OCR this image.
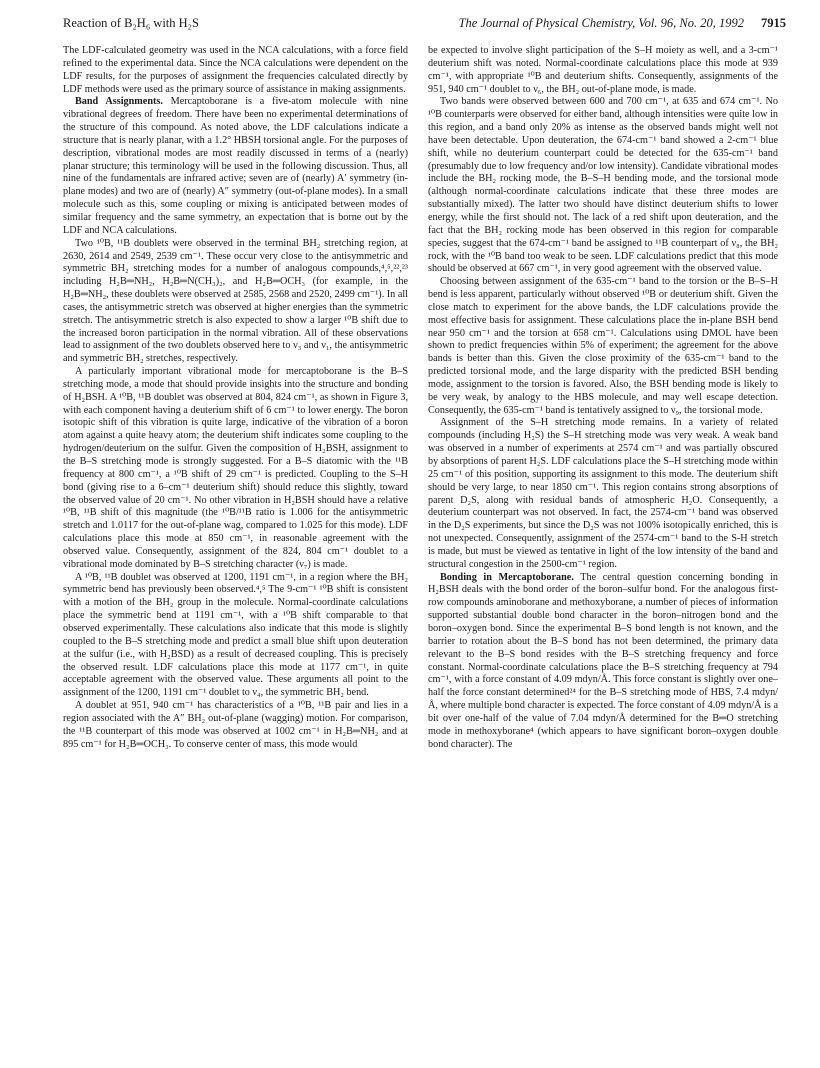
Reaction of B₂H₆ with H₂S	The Journal of Physical Chemistry, Vol. 96, No. 20, 1992 7915

The LDF-calculated geometry was used in the NCA calculations, with a force field refined to the experimental data. Since the NCA calculations were dependent on the LDF results, for the purposes of assignment the frequencies calculated directly by LDF methods were used as the primary source of assistance in making assignments.

Band Assignments. Mercaptoborane is a five-atom molecule with nine vibrational degrees of freedom. There have been no experimental determinations of the structure of this compound. As noted above, the LDF calculations indicate a structure that is nearly planar, with a 1.2° HBSH torsional angle. For the purposes of description, vibrational modes are most readily discussed in terms of a (nearly) planar structure; this terminology will be used in the following discussion. Thus, all nine of the fundamentals are infrared active; seven are of (nearly) A′ symmetry (in-plane modes) and two are of (nearly) A″ symmetry (out-of-plane modes). In a small molecule such as this, some coupling or mixing is anticipated between modes of similar frequency and the same symmetry, an expectation that is borne out by the LDF and NCA calculations.

Two ¹⁰B, ¹¹B doublets were observed in the terminal BH₂ stretching region, at 2630, 2614 and 2549, 2539 cm⁻¹. These occur very close to the antisymmetric and symmetric BH₂ stretching modes for a number of analogous compounds,⁴,⁵,²²,²³ including H₂B═NH₂, H₂B═N(CH₃)₂, and H₂B═OCH₃ (for example, in the H₂B═NH₂, these doublets were observed at 2585, 2568 and 2520, 2499 cm⁻¹). In all cases, the antisymmetric stretch was observed at higher energies than the symmetric stretch. The antisymmetric stretch is also expected to show a larger ¹⁰B shift due to the increased boron participation in the normal vibration. All of these observations lead to assignment of the two doublets observed here to ν₃ and ν₁, the antisymmetric and symmetric BH₂ stretches, respectively.

A particularly important vibrational mode for mercaptoborane is the B–S stretching mode, a mode that should provide insights into the structure and bonding of H₂BSH. A ¹⁰B, ¹¹B doublet was observed at 804, 824 cm⁻¹, as shown in Figure 3, with each component having a deuterium shift of 6 cm⁻¹ to lower energy. The boron isotopic shift of this vibration is quite large, indicative of the vibration of a boron atom against a quite heavy atom; the deuterium shift indicates some coupling to the hydrogen/deuterium on the sulfur. Given the composition of H₂BSH, assignment to the B–S stretching mode is strongly suggested. For a B–S diatomic with the ¹¹B frequency at 800 cm⁻¹, a ¹⁰B shift of 29 cm⁻¹ is predicted. Coupling to the S–H bond (giving rise to a 6–cm⁻¹ deuterium shift) should reduce this slightly, toward the observed value of 20 cm⁻¹. No other vibration in H₂BSH should have a relative ¹⁰B, ¹¹B shift of this magnitude (the ¹⁰B/¹¹B ratio is 1.006 for the antisymmetric stretch and 1.0117 for the out-of-plane wag, compared to 1.025 for this mode). LDF calculations place this mode at 850 cm⁻¹, in reasonable agreement with the observed value. Consequently, assignment of the 824, 804 cm⁻¹ doublet to a vibrational mode dominated by B–S stretching character (ν₇) is made.

A ¹⁰B, ¹¹B doublet was observed at 1200, 1191 cm⁻¹, in a region where the BH₂ symmetric bend has previously been observed.⁴,⁵ The 9-cm⁻¹ ¹⁰B shift is consistent with a motion of the BH₂ group in the molecule. Normal-coordinate calculations place the symmetric bend at 1191 cm⁻¹, with a ¹⁰B shift comparable to that observed experimentally. These calculations also indicate that this mode is slightly coupled to the B–S stretching mode and predict a small blue shift upon deuteration at the sulfur (i.e., with H₂BSD) as a result of decreased coupling. This is precisely the observed result. LDF calculations place this mode at 1177 cm⁻¹, in quite acceptable agreement with the observed value. These arguments all point to the assignment of the 1200, 1191 cm⁻¹ doublet to ν₄, the symmetric BH₂ bend.

A doublet at 951, 940 cm⁻¹ has characteristics of a ¹⁰B, ¹¹B pair and lies in a region associated with the A″ BH₂ out-of-plane (wagging) motion. For comparison, the ¹¹B counterpart of this mode was observed at 1002 cm⁻¹ in H₂B═NH₂ and at 895 cm⁻¹ for H₂B═OCH₃. To conserve center of mass, this mode would

be expected to involve slight participation of the S–H moiety as well, and a 3-cm⁻¹ deuterium shift was noted. Normal-coordinate calculations place this mode at 939 cm⁻¹, with appropriate ¹⁰B and deuterium shifts. Consequently, assignments of the 951, 940 cm⁻¹ doublet to ν₆, the BH₂ out-of-plane mode, is made.

Two bands were observed between 600 and 700 cm⁻¹, at 635 and 674 cm⁻¹. No ¹⁰B counterparts were observed for either band, although intensities were quite low in this region, and a band only 20% as intense as the observed bands might well not have been detectable. Upon deuteration, the 674-cm⁻¹ band showed a 2-cm⁻¹ blue shift, while no deuterium counterpart could be detected for the 635-cm⁻¹ band (presumably due to low frequency and/or low intensity). Candidate vibrational modes include the BH₂ rocking mode, the B–S–H bending mode, and the torsional mode (although normal-coordinate calculations indicate that these three modes are substantially mixed). The latter two should have distinct deuterium shifts to lower energy, while the first should not. The lack of a red shift upon deuteration, and the fact that the BH₂ rocking mode has been observed in this region for comparable species, suggest that the 674-cm⁻¹ band be assigned to ¹¹B counterpart of ν₈, the BH₂ rock, with the ¹⁰B band too weak to be seen. LDF calculations predict that this mode should be observed at 667 cm⁻¹, in very good agreement with the observed value.

Choosing between assignment of the 635-cm⁻¹ band to the torsion or the B–S–H bend is less apparent, particularly without observed ¹⁰B or deuterium shift. Given the close match to experiment for the above bands, the LDF calculations provide the most effective basis for assignment. These calculations place the in-plane BSH bend near 950 cm⁻¹ and the torsion at 658 cm⁻¹. Calculations using DMOL have been shown to predict frequencies within 5% of experiment; the agreement for the above bands is better than this. Given the close proximity of the 635-cm⁻¹ band to the predicted torsional mode, and the large disparity with the predicted BSH bending mode, assignment to the torsion is favored. Also, the BSH bending mode is likely to be very weak, by analogy to the HBS molecule, and may well escape detection. Consequently, the 635-cm⁻¹ band is tentatively assigned to ν₉, the torsional mode.

Assignment of the S–H stretching mode remains. In a variety of related compounds (including H₂S) the S–H stretching mode was very weak. A weak band was observed in a number of experiments at 2574 cm⁻¹ and was partially obscured by absorptions of parent H₂S. LDF calculations place the S–H stretching mode within 25 cm⁻¹ of this position, supporting its assignment to this mode. The deuterium shift should be very large, to near 1850 cm⁻¹. This region contains strong absorptions of parent D₂S, along with residual bands of atmospheric H₂O. Consequently, a deuterium counterpart was not observed. In fact, the 2574-cm⁻¹ band was observed in the D₂S experiments, but since the D₂S was not 100% isotopically enriched, this is not unexpected. Consequently, assignment of the 2574-cm⁻¹ band to the S-H stretch is made, but must be viewed as tentative in light of the low intensity of the band and structural congestion in the 2500-cm⁻¹ region.

Bonding in Mercaptoborane. The central question concerning bonding in H₂BSH deals with the bond order of the boron–sulfur bond. For the analogous first-row compounds aminoborane and methoxyborane, a number of pieces of information supported substantial double bond character in the boron–nitrogen bond and the boron–oxygen bond. Since the experimental B–S bond length is not known, and the barrier to rotation about the B–S bond has not been determined, the primary data relevant to the B–S bond resides with the B–S stretching frequency and force constant. Normal-coordinate calculations place the B–S stretching frequency at 794 cm⁻¹, with a force constant of 4.09 mdyn/Å. This force constant is slightly over one–half the force constant determined²⁴ for the B–S stretching mode of HBS, 7.4 mdyn/Å, where multiple bond character is expected. The force constant of 4.09 mdyn/Å is a bit over one-half of the value of 7.04 mdyn/Å determined for the B═O stretching mode in methoxyborane⁴ (which appears to have significant boron–oxygen double bond character). The
